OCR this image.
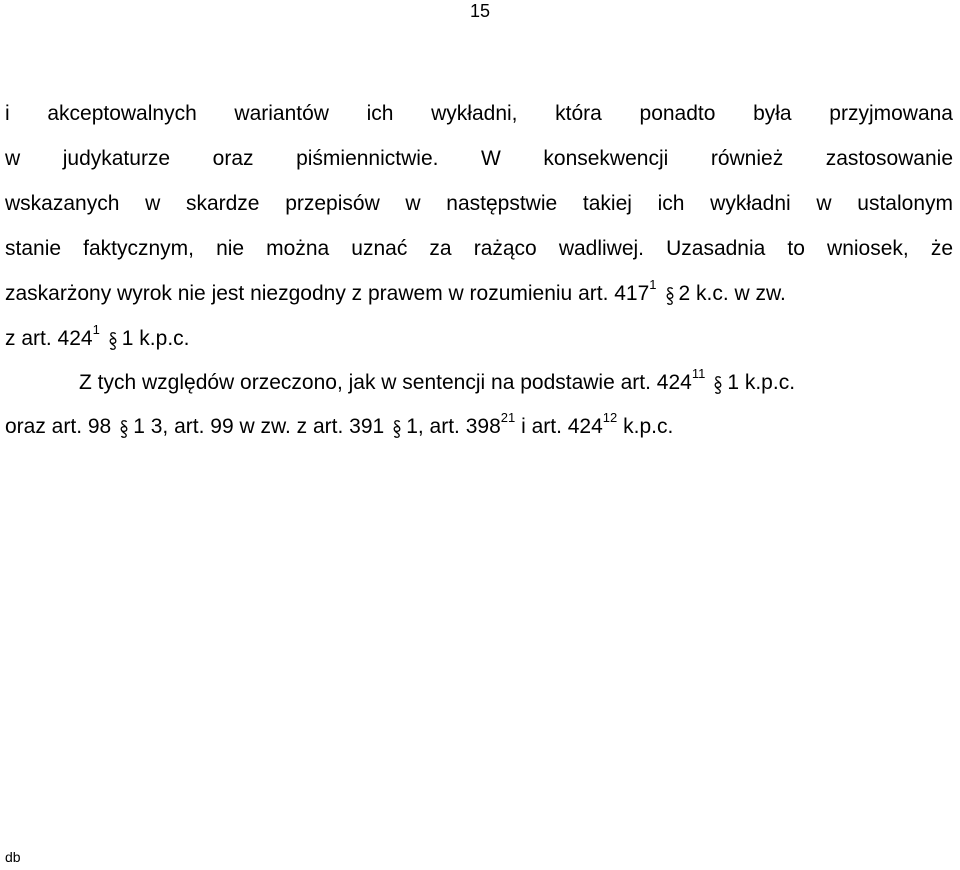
15
i akceptowalnych wariantów ich wykładni, która ponadto była przyjmowana
w judykaturze oraz piśmiennictwie. W konsekwencji również zastosowanie
wskazanych w skardze przepisów w następstwie takiej ich wykładni w ustalonym
stanie faktycznym, nie można uznać za rażąco wadliwej. Uzasadnia to wniosek, że
zaskarżony wyrok nie jest niezgodny z prawem w rozumieniu art. $417^1$ 2 k.c. w zw.
z art. $424^1$ 1 k.p.c.
Z tych względów orzeczono, jak w sentencji na podstawie art. $424^{11}$ 1 k.p.c.
oraz art. 98 1 3, art. 99 w zw. z art. 391 1, art. $398^{21}$ i art. $424^{12}$ k.p.c.
db
